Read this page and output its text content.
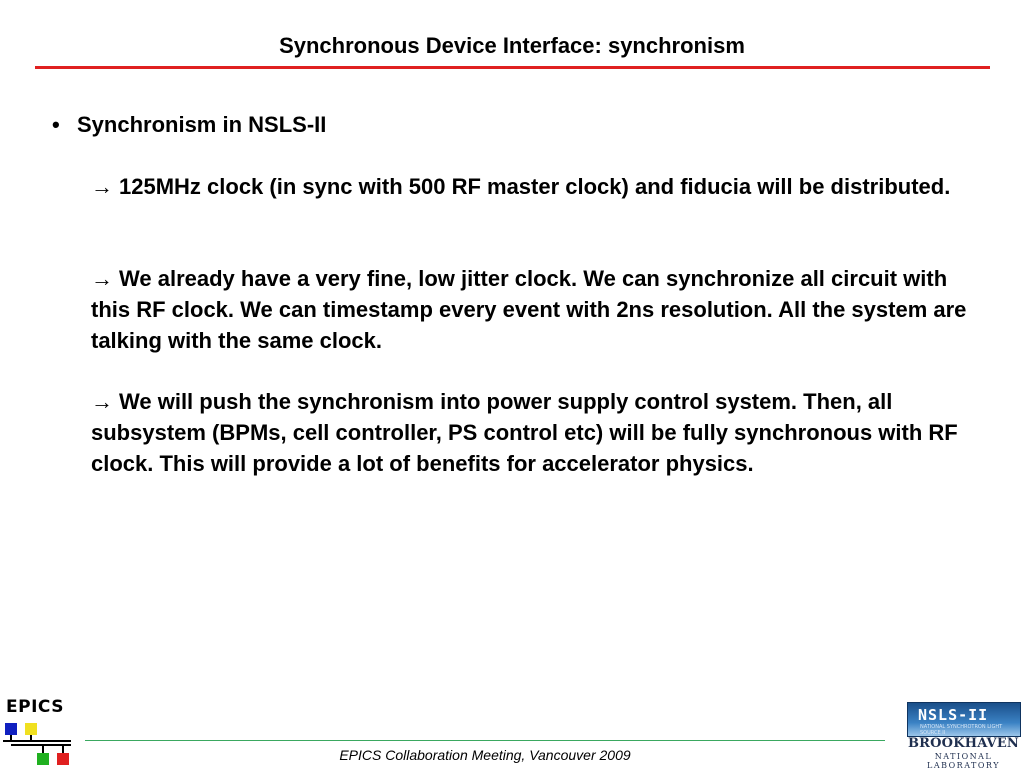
Synchronous Device Interface: synchronism
• Synchronism in NSLS-II
→ 125MHz clock (in sync with 500 RF master clock) and fiducia will be distributed.
→ We already have a very fine, low jitter clock. We can synchronize all circuit with this RF clock. We can timestamp every event with 2ns resolution. All the system are talking with the same clock.
→ We will push the synchronism into power supply control system. Then, all subsystem (BPMs, cell controller, PS control etc) will be fully synchronous with RF clock. This will provide a lot of benefits for accelerator physics.
EPICS
EPICS Collaboration Meeting, Vancouver 2009
NSLS-II
NATIONAL SYNCHROTRON LIGHT SOURCE II
BROOKHAVEN
NATIONAL LABORATORY
